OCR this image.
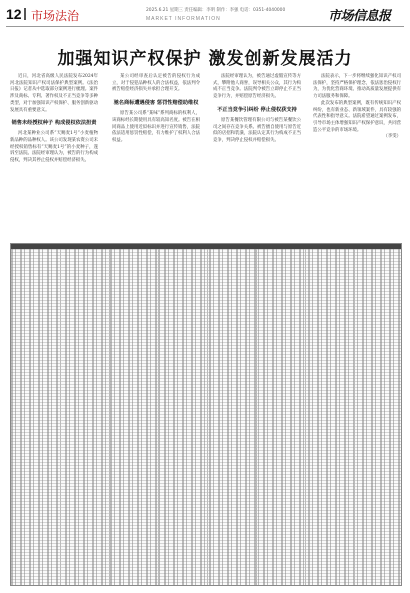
12 市场法治	2025.6.21 星期三 责任编辑：李明 制作：李强 电话：0351-4040000
MARKET INFORMATION	市场信息报
加强知识产权保护 激发创新发展活力

近日，河北省高级人民法院发布2024年河北法院知识产权司法保护典型案例。《法治日报》记者从中选取部分案例进行梳理。案件涉及商标、专利、著作权及不正当竞争等多种类型，对于加强知识产权保护、服务创新驱动发展具有重要意义。

销售未经授权种子 构成侵权依法担责

河北某种业公司系“天赐麦1号”小麦植物新品种的品种权人。该公司发现某农资公司未经授权销售标有“天赐麦1号”的小麦种子，遂诉至法院。法院经审理认为，被告的行为构成侵权，判决其停止侵权并赔偿经济损失。

某公司经审查后认定被告的侵权行为成立，对于侵犯品种权人的合法权益，依法判令被告赔偿经济损失并承担合理开支。

驰名商标遭遇侵害 惩罚性赔偿助维权

原告某公司系“某味”系列商标的权利人，该商标经长期使用具有较高知名度。被告在相同商品上使用近似标识并进行宣传销售，法院依法适用惩罚性赔偿，有力维护了权利人合法权益。

法院经审理认为，被告通过虚假宣传等方式，攀附他人商誉，误导相关公众，其行为构成不正当竞争。法院判令被告立即停止不正当竞争行为，并赔偿原告经济损失。

不正当竞争引纠纷 停止侵权获支持

原告某餐饮管理有限公司与被告某餐饮公司之间存在竞争关系。被告擅自使用与原告近似的店招和装潢，法院认定其行为构成不正当竞争，判决停止侵权并赔偿损失。

法院表示，下一步将继续强化知识产权司法保护，坚持严格保护理念，依法惩治侵权行为，为优化营商环境、推动高质量发展提供有力司法服务和保障。

此次发布的典型案例，既有传统知识产权纠纷，也有新业态、新领域案件，具有较强的代表性和指导意义。法院希望通过案例发布，引导市场主体增强知识产权保护意识，共同营造公平竞争的市场环境。

（李雯）
